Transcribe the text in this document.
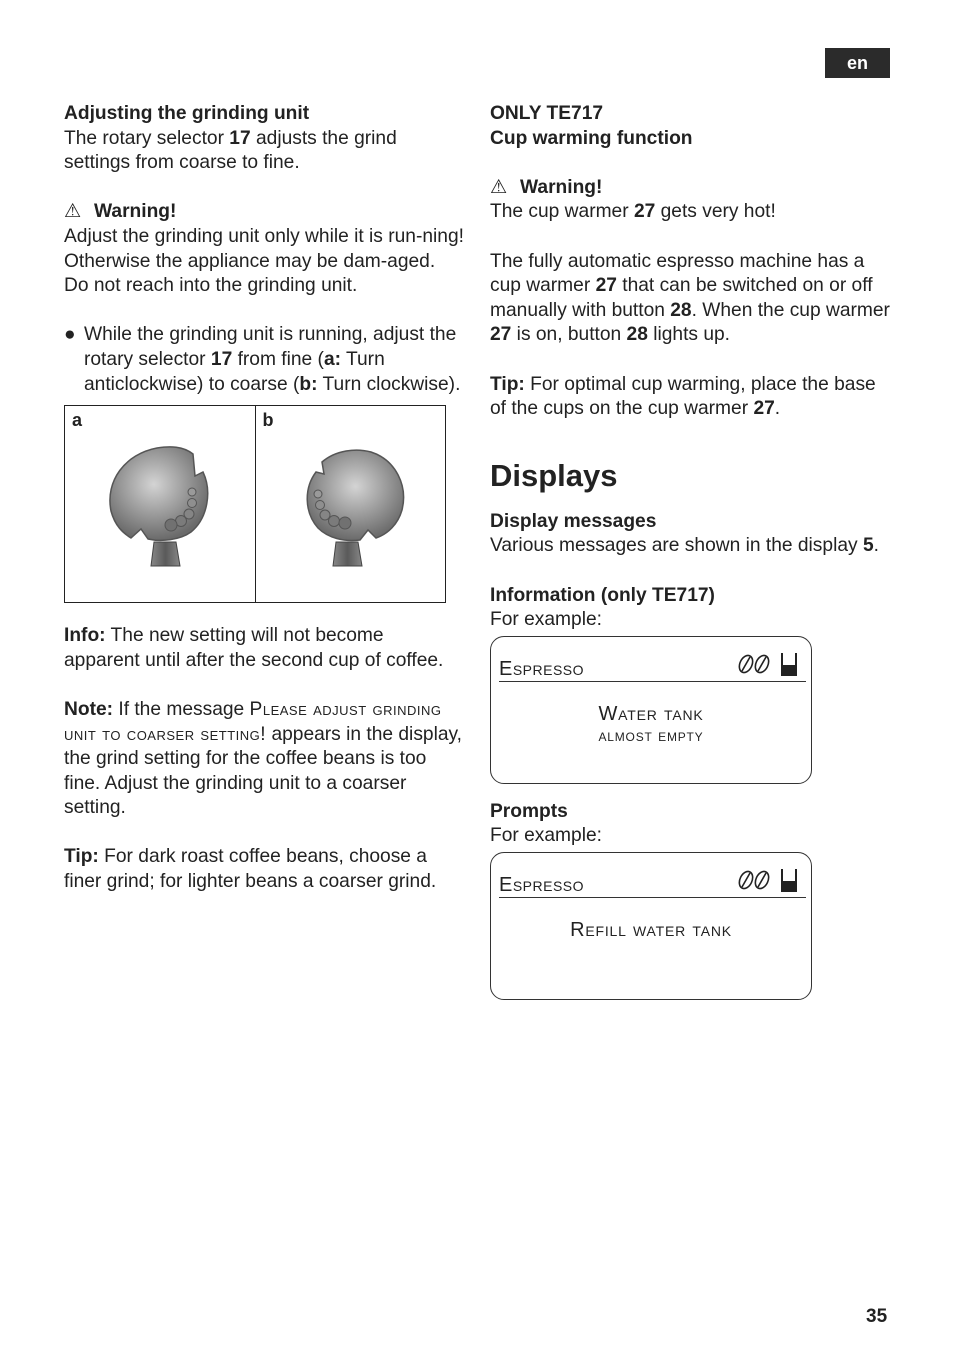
en

Adjusting the grinding unit

The rotary selector 17 adjusts the grind settings from coarse to fine.

⚠ Warning!

Adjust the grinding unit only while it is run-ning! Otherwise the appliance may be dam-aged. Do not reach into the grinding unit.

● While the grinding unit is running, adjust the rotary selector 17 from fine (a: Turn anticlockwise) to coarse (b: Turn clockwise).
a	b

Info: The new setting will not become apparent until after the second cup of coffee.

Note: If the message Please adjust grinding unit to coarser setting! appears in the display, the grind setting for the coffee beans is too fine. Adjust the grinding unit to a coarser setting.

Tip: For dark roast coffee beans, choose a finer grind; for lighter beans a coarser grind.

ONLY TE717

Cup warming function

⚠ Warning!

The cup warmer 27 gets very hot!

The fully automatic espresso machine has a cup warmer 27 that can be switched on or off manually with button 28. When the cup warmer 27 is on, button 28 lights up.

Tip: For optimal cup warming, place the base of the cups on the cup warmer 27.

Displays

Display messages

Various messages are shown in the display 5.

Information (only TE717)

For example:

Espresso
Water tank
almost empty

Prompts

For example:

Espresso
Refill water tank
35
